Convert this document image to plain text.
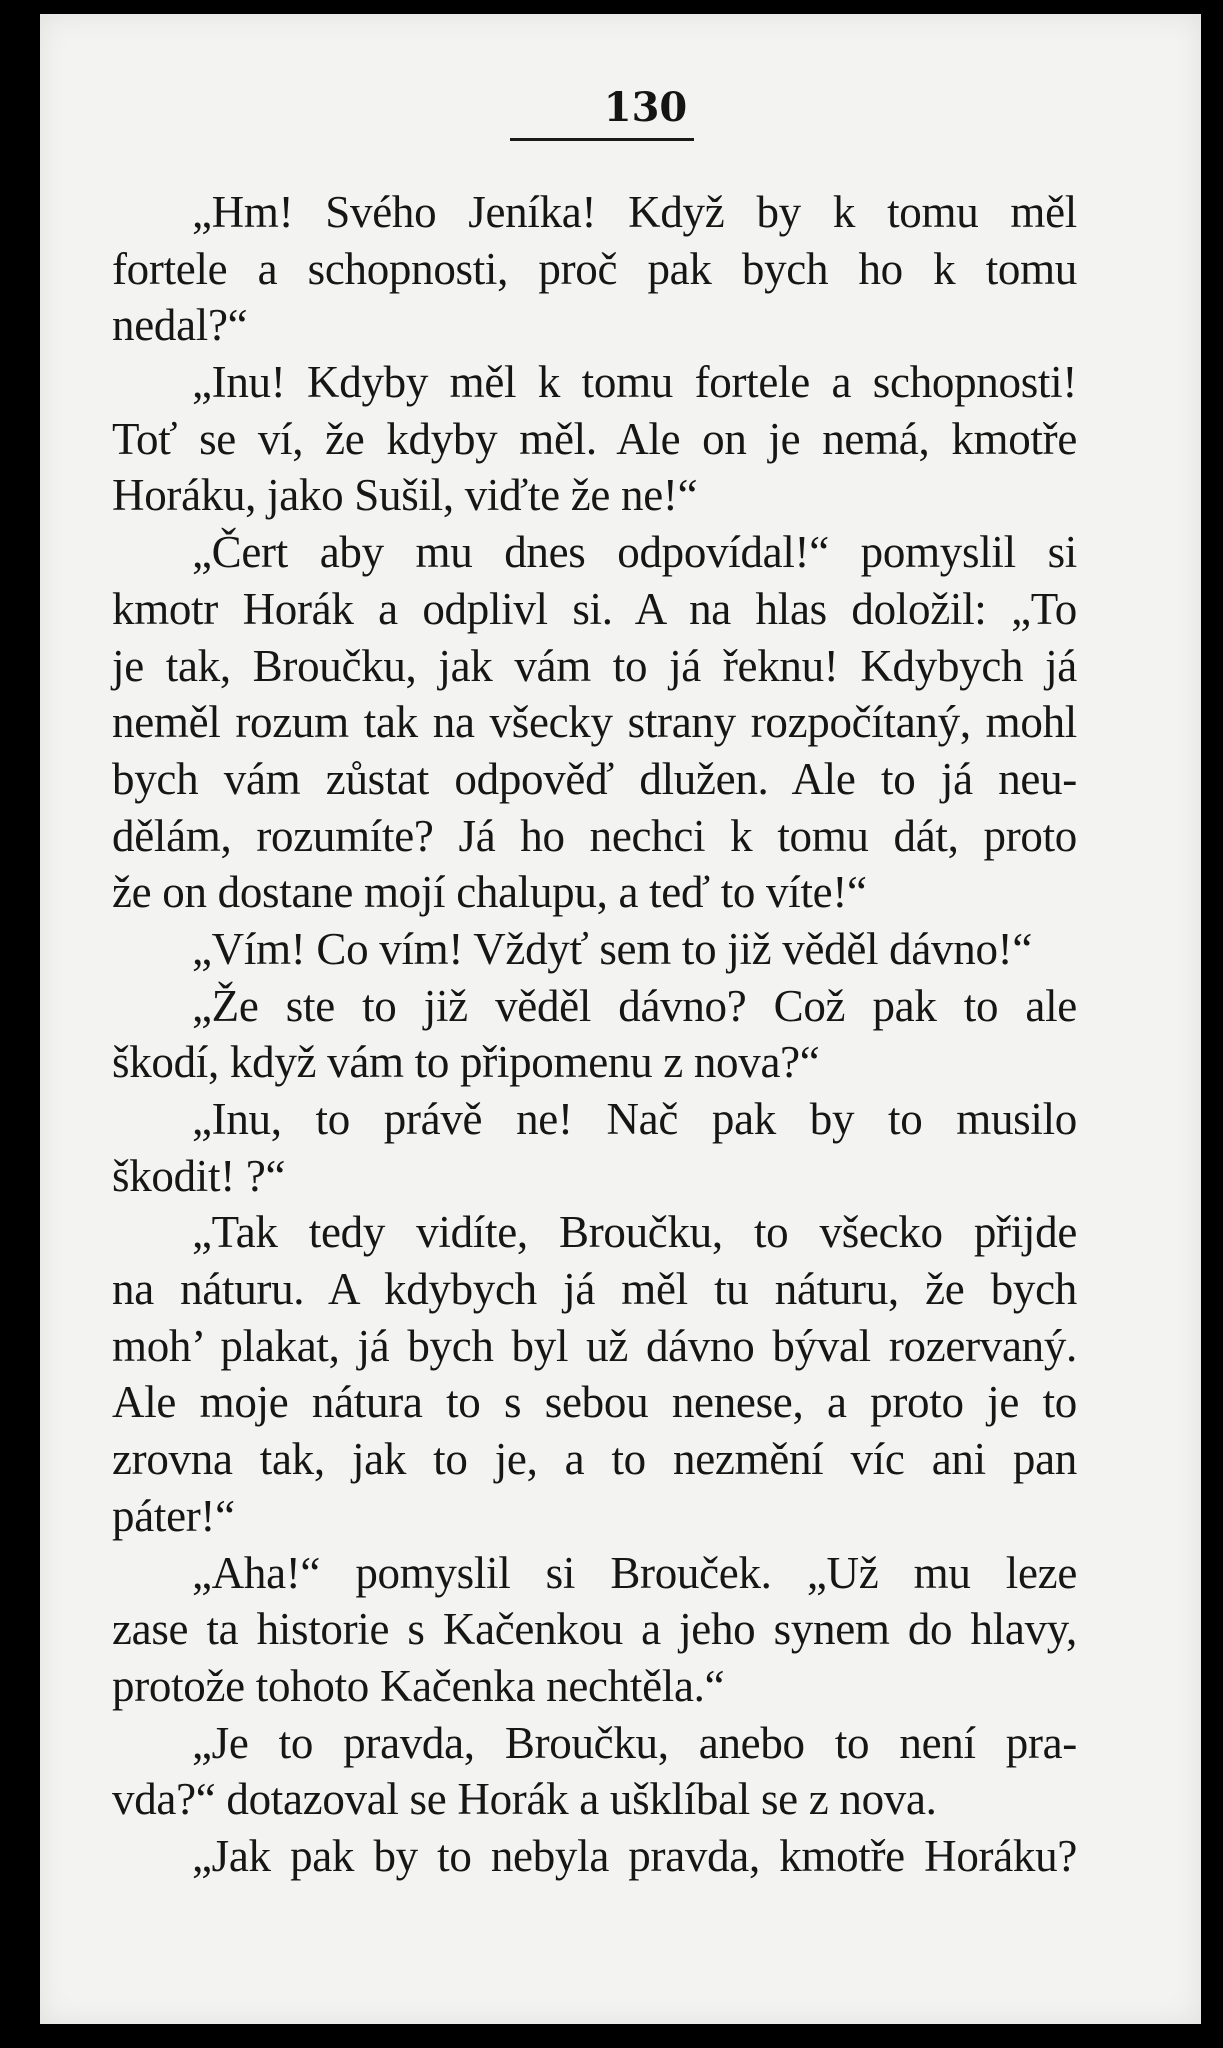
130
„Hm! Svého Jeníka! Když by k tomu měl
fortele a schopnosti, proč pak bych ho k tomu
nedal?“
„Inu! Kdyby měl k tomu fortele a schopnosti!
Toť se ví, že kdyby měl. Ale on je nemá, kmotře
Horáku, jako Sušil, viďte že ne!“
„Čert aby mu dnes odpovídal!“ pomyslil si
kmotr Horák a odplivl si. A na hlas doložil: „To
je tak, Broučku, jak vám to já řeknu! Kdybych já
neměl rozum tak na všecky strany rozpočítaný, mohl
bych vám zůstat odpověď dlužen. Ale to já neu-
dělám, rozumíte? Já ho nechci k tomu dát, proto
že on dostane mojí chalupu, a teď to víte!“
„Vím! Co vím! Vždyť sem to již věděl dávno!“
„Že ste to již věděl dávno? Což pak to ale
škodí, když vám to připomenu z nova?“
„Inu, to právě ne! Nač pak by to musilo
škodit! ?“
„Tak tedy vidíte, Broučku, to všecko přijde
na náturu. A kdybych já měl tu náturu, že bych
moh’ plakat, já bych byl už dávno býval rozervaný.
Ale moje nátura to s sebou nenese, a proto je to
zrovna tak, jak to je, a to nezmění víc ani pan
páter!“
„Aha!“ pomyslil si Brouček. „Už mu leze
zase ta historie s Kačenkou a jeho synem do hlavy,
protože tohoto Kačenka nechtěla.“
„Je to pravda, Broučku, anebo to není pra-
vda?“ dotazoval se Horák a ušklíbal se z nova.
„Jak pak by to nebyla pravda, kmotře Horáku?
